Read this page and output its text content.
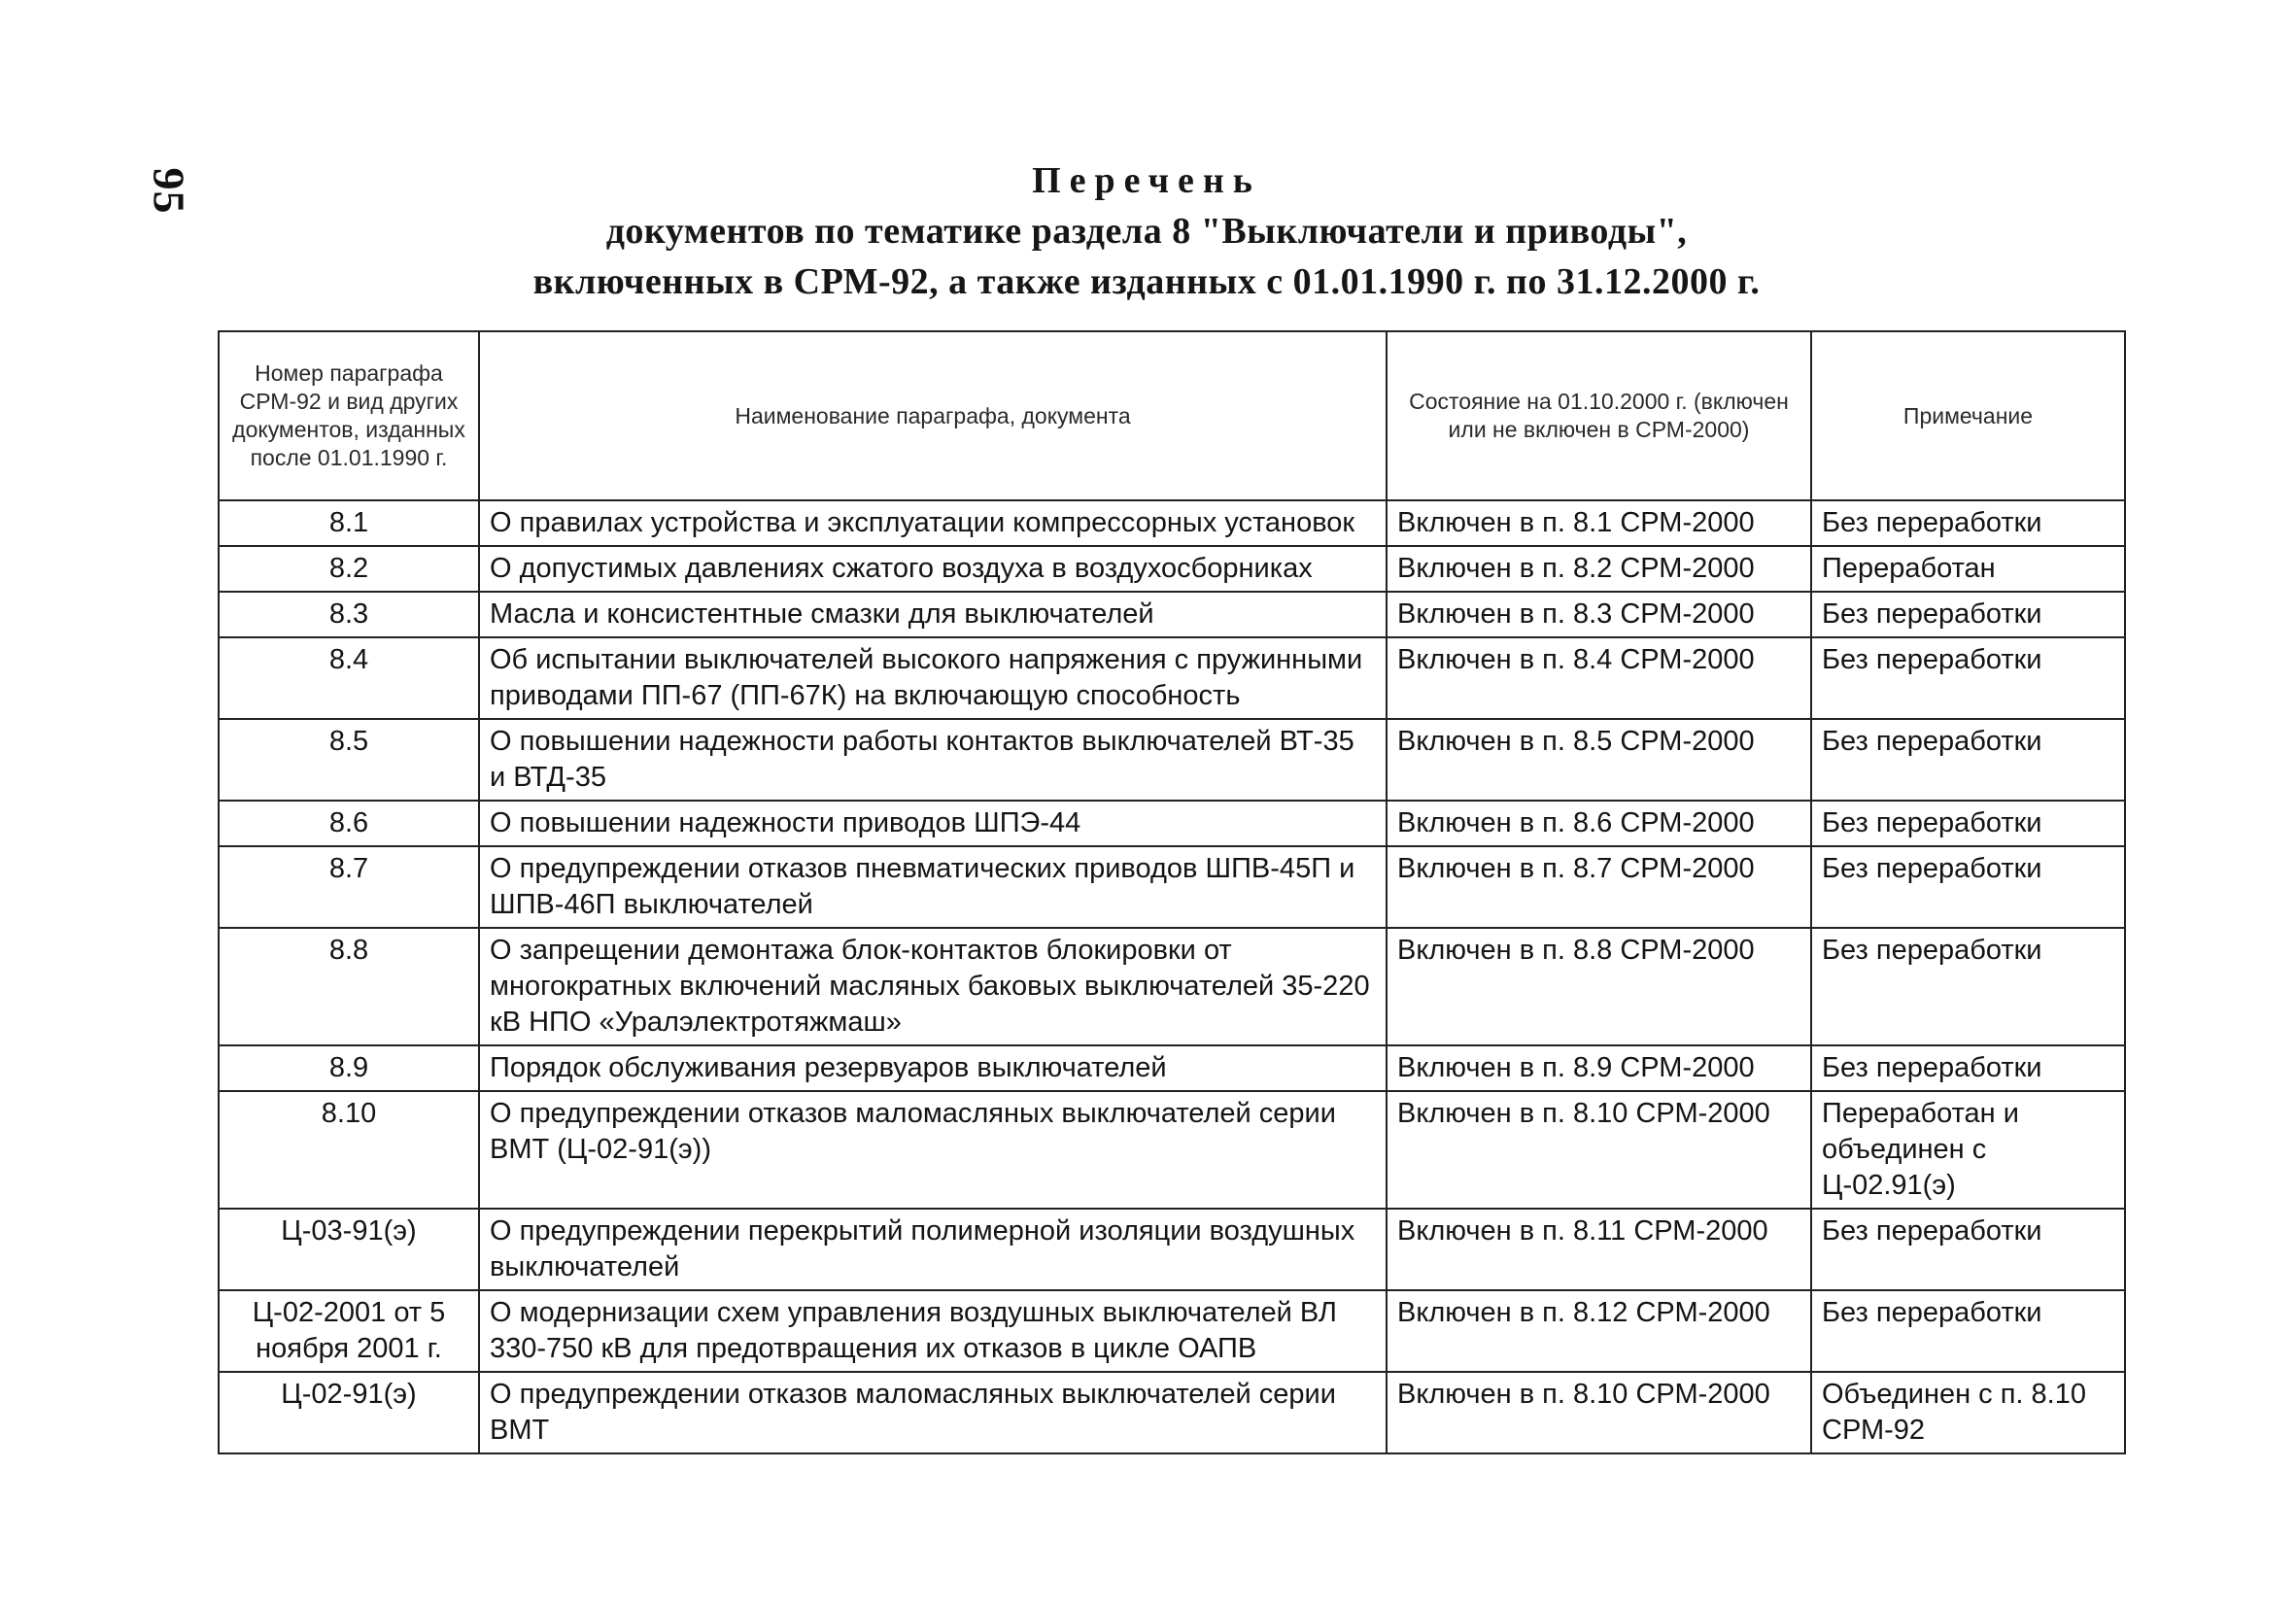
95	Перечень
документов по тематике раздела 8 "Выключатели и приводы",
включенных в СРМ-92, а также изданных с 01.01.1990 г. по 31.12.2000 г.
Номер параграфа СРМ-92 и вид других документов, изданных после 01.01.1990 г.	Наименование параграфа, документа	Состояние на 01.10.2000 г. (включен или не включен в СРМ-2000)	Примечание
8.1	О правилах устройства и эксплуатации компрессорных установок	Включен в п. 8.1 СРМ-2000	Без переработки
8.2	О допустимых давлениях сжатого воздуха в воздухосборниках	Включен в п. 8.2 СРМ-2000	Переработан
8.3	Масла и консистентные смазки для выключателей	Включен в п. 8.3 СРМ-2000	Без переработки
8.4	Об испытании выключателей высокого напряжения с пружинными приводами ПП-67 (ПП-67К) на включающую способность	Включен в п. 8.4 СРМ-2000	Без переработки
8.5	О повышении надежности работы контактов выключателей ВТ-35 и ВТД-35	Включен в п. 8.5 СРМ-2000	Без переработки
8.6	О повышении надежности приводов ШПЭ-44	Включен в п. 8.6 СРМ-2000	Без переработки
8.7	О предупреждении отказов пневматических приводов ШПВ-45П и ШПВ-46П выключателей	Включен в п. 8.7 СРМ-2000	Без переработки
8.8	О запрещении демонтажа блок-контактов блокировки от многократных включений масляных баковых выключателей 35-220 кВ НПО «Уралэлектротяжмаш»	Включен в п. 8.8 СРМ-2000	Без переработки
8.9	Порядок обслуживания резервуаров выключателей	Включен в п. 8.9 СРМ-2000	Без переработки
8.10	О предупреждении отказов маломасляных выключателей серии ВМТ (Ц-02-91(э))	Включен в п. 8.10 СРМ-2000	Переработан и объединен с Ц-02.91(э)
Ц-03-91(э)	О предупреждении перекрытий полимерной изоляции воздушных выключателей	Включен в п. 8.11 СРМ-2000	Без переработки
Ц-02-2001 от 5 ноября 2001 г.	О модернизации схем управления воздушных выключателей ВЛ 330-750 кВ для предотвращения их отказов в цикле ОАПВ	Включен в п. 8.12 СРМ-2000	Без переработки
Ц-02-91(э)	О предупреждении отказов маломасляных выключателей серии ВМТ	Включен в п. 8.10 СРМ-2000	Объединен с п. 8.10 СРМ-92
